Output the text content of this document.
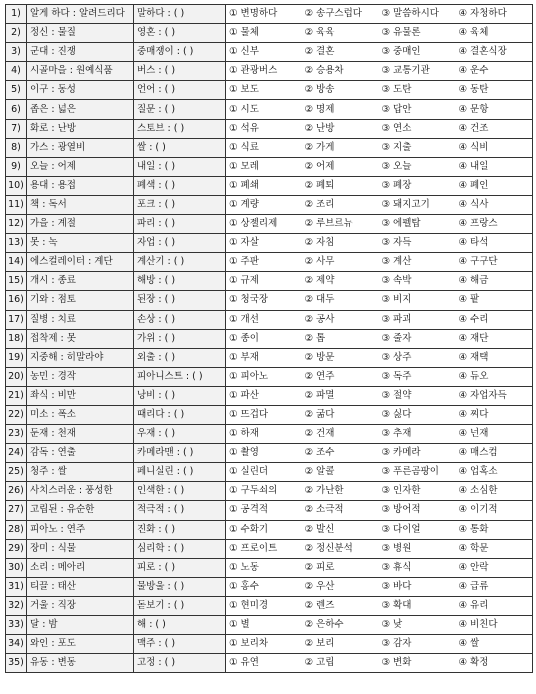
1)	알게 하다 : 알려드리다	말하다 : ( )	① 변명하다	② 송구스럽다	③ 말씀하시다	④ 자청하다
2)	정신 : 물질	영혼 : ( )	① 물체	② 육육	③ 유물론	④ 육체
3)	군대 : 진쟁	중매쟁이 : ( )	① 신부	② 결혼	③ 중매인	④ 결혼식장
4)	시골마을 : 원예식품	버스 : ( )	① 관광버스	② 승용차	③ 교통기관	④ 운수
5)	이구 : 동성	언어 : ( )	① 보도	② 방송	③ 도탄	④ 동탄
6)	좁은 : 넓은	질문 : ( )	① 시도	② 명제	③ 답안	④ 문항
7)	화로 : 난방	스토브 : ( )	① 석유	② 난방	③ 연소	④ 건조
8)	가스 : 광열비	쌀 : ( )	① 식료	② 가게	③ 지출	④ 식비
9)	오늘 : 어제	내일 : ( )	① 모레	② 어제	③ 오늘	④ 내일
10)	용대 : 용접	폐색 : ( )	① 폐쇄	② 폐퇴	③ 폐장	④ 폐인
11)	책 : 독서	포크 : ( )	① 계량	② 조리	③ 돼지고기	④ 식사
12)	가을 : 계절	파리 : ( )	① 상젤리제	② 루브르뉴	③ 에펠탑	④ 프랑스
13)	못 : 녹	자업 : ( )	① 자살	② 자침	③ 자득	④ 타석
14)	에스컬레이터 : 계단	계산기 : ( )	① 주판	② 사무	③ 계산	④ 구구단
15)	개시 : 종료	해방 : ( )	① 규제	② 제약	③ 속박	④ 해금
16)	기와 : 점토	된장 : ( )	① 청국장	② 대두	③ 비지	④ 팥
17)	질병 : 치료	손상 : ( )	① 개선	② 공사	③ 파괴	④ 수리
18)	접착제 : 못	가위 : ( )	① 종이	② 톱	③ 줄자	④ 재단
19)	지중해 : 히말라야	외출 : ( )	① 부재	② 방문	③ 상주	④ 재택
20)	농민 : 경작	피아니스트 : ( )	① 피아노	② 연주	③ 독주	④ 듀오
21)	좌식 : 비만	낭비 : ( )	① 파산	② 파멸	③ 절약	④ 자업자득
22)	미소 : 폭소	때리다 : ( )	① 뜨겁다	② 굶다	③ 싫다	④ 찌다
23)	둔재 : 천재	우재 : ( )	① 하재	② 건재	③ 추재	④ 넌재
24)	감독 : 연출	카메라맨 : ( )	① 촬영	② 조수	③ 카메라	④ 매스컴
25)	청주 : 쌀	페니실린 : ( )	① 실린더	② 알콜	③ 푸른곰팡이	④ 업혹소
26)	사치스러운 : 풍성한	인색한 : ( )	① 구두쇠의	② 가난한	③ 인자한	④ 소심한
27)	고립된 : 유순한	적극적 : ( )	① 공격적	② 소극적	③ 방어적	④ 이기적
28)	피아노 : 연주	진화 : ( )	① 수화기	② 발신	③ 다이얼	④ 통화
29)	장미 : 식물	심리학 : ( )	① 프로이트	② 정신분석	③ 병원	④ 학문
30)	소리 : 메아리	피로 : ( )	① 노동	② 피로	③ 휴식	④ 안락
31)	티끌 : 태산	물방울 : ( )	① 홍수	② 우산	③ 바다	④ 급류
32)	거울 : 직장	돋보기 : ( )	① 현미경	② 렌즈	③ 확대	④ 유리
33)	달 : 밤	해 : ( )	① 별	② 은하수	③ 낮	④ 비친다
34)	와인 : 포도	맥주 : ( )	① 보리차	② 보리	③ 감자	④ 쌀
35)	유동 : 변동	고정 : ( )	① 유연	② 고립	③ 변화	④ 확정
